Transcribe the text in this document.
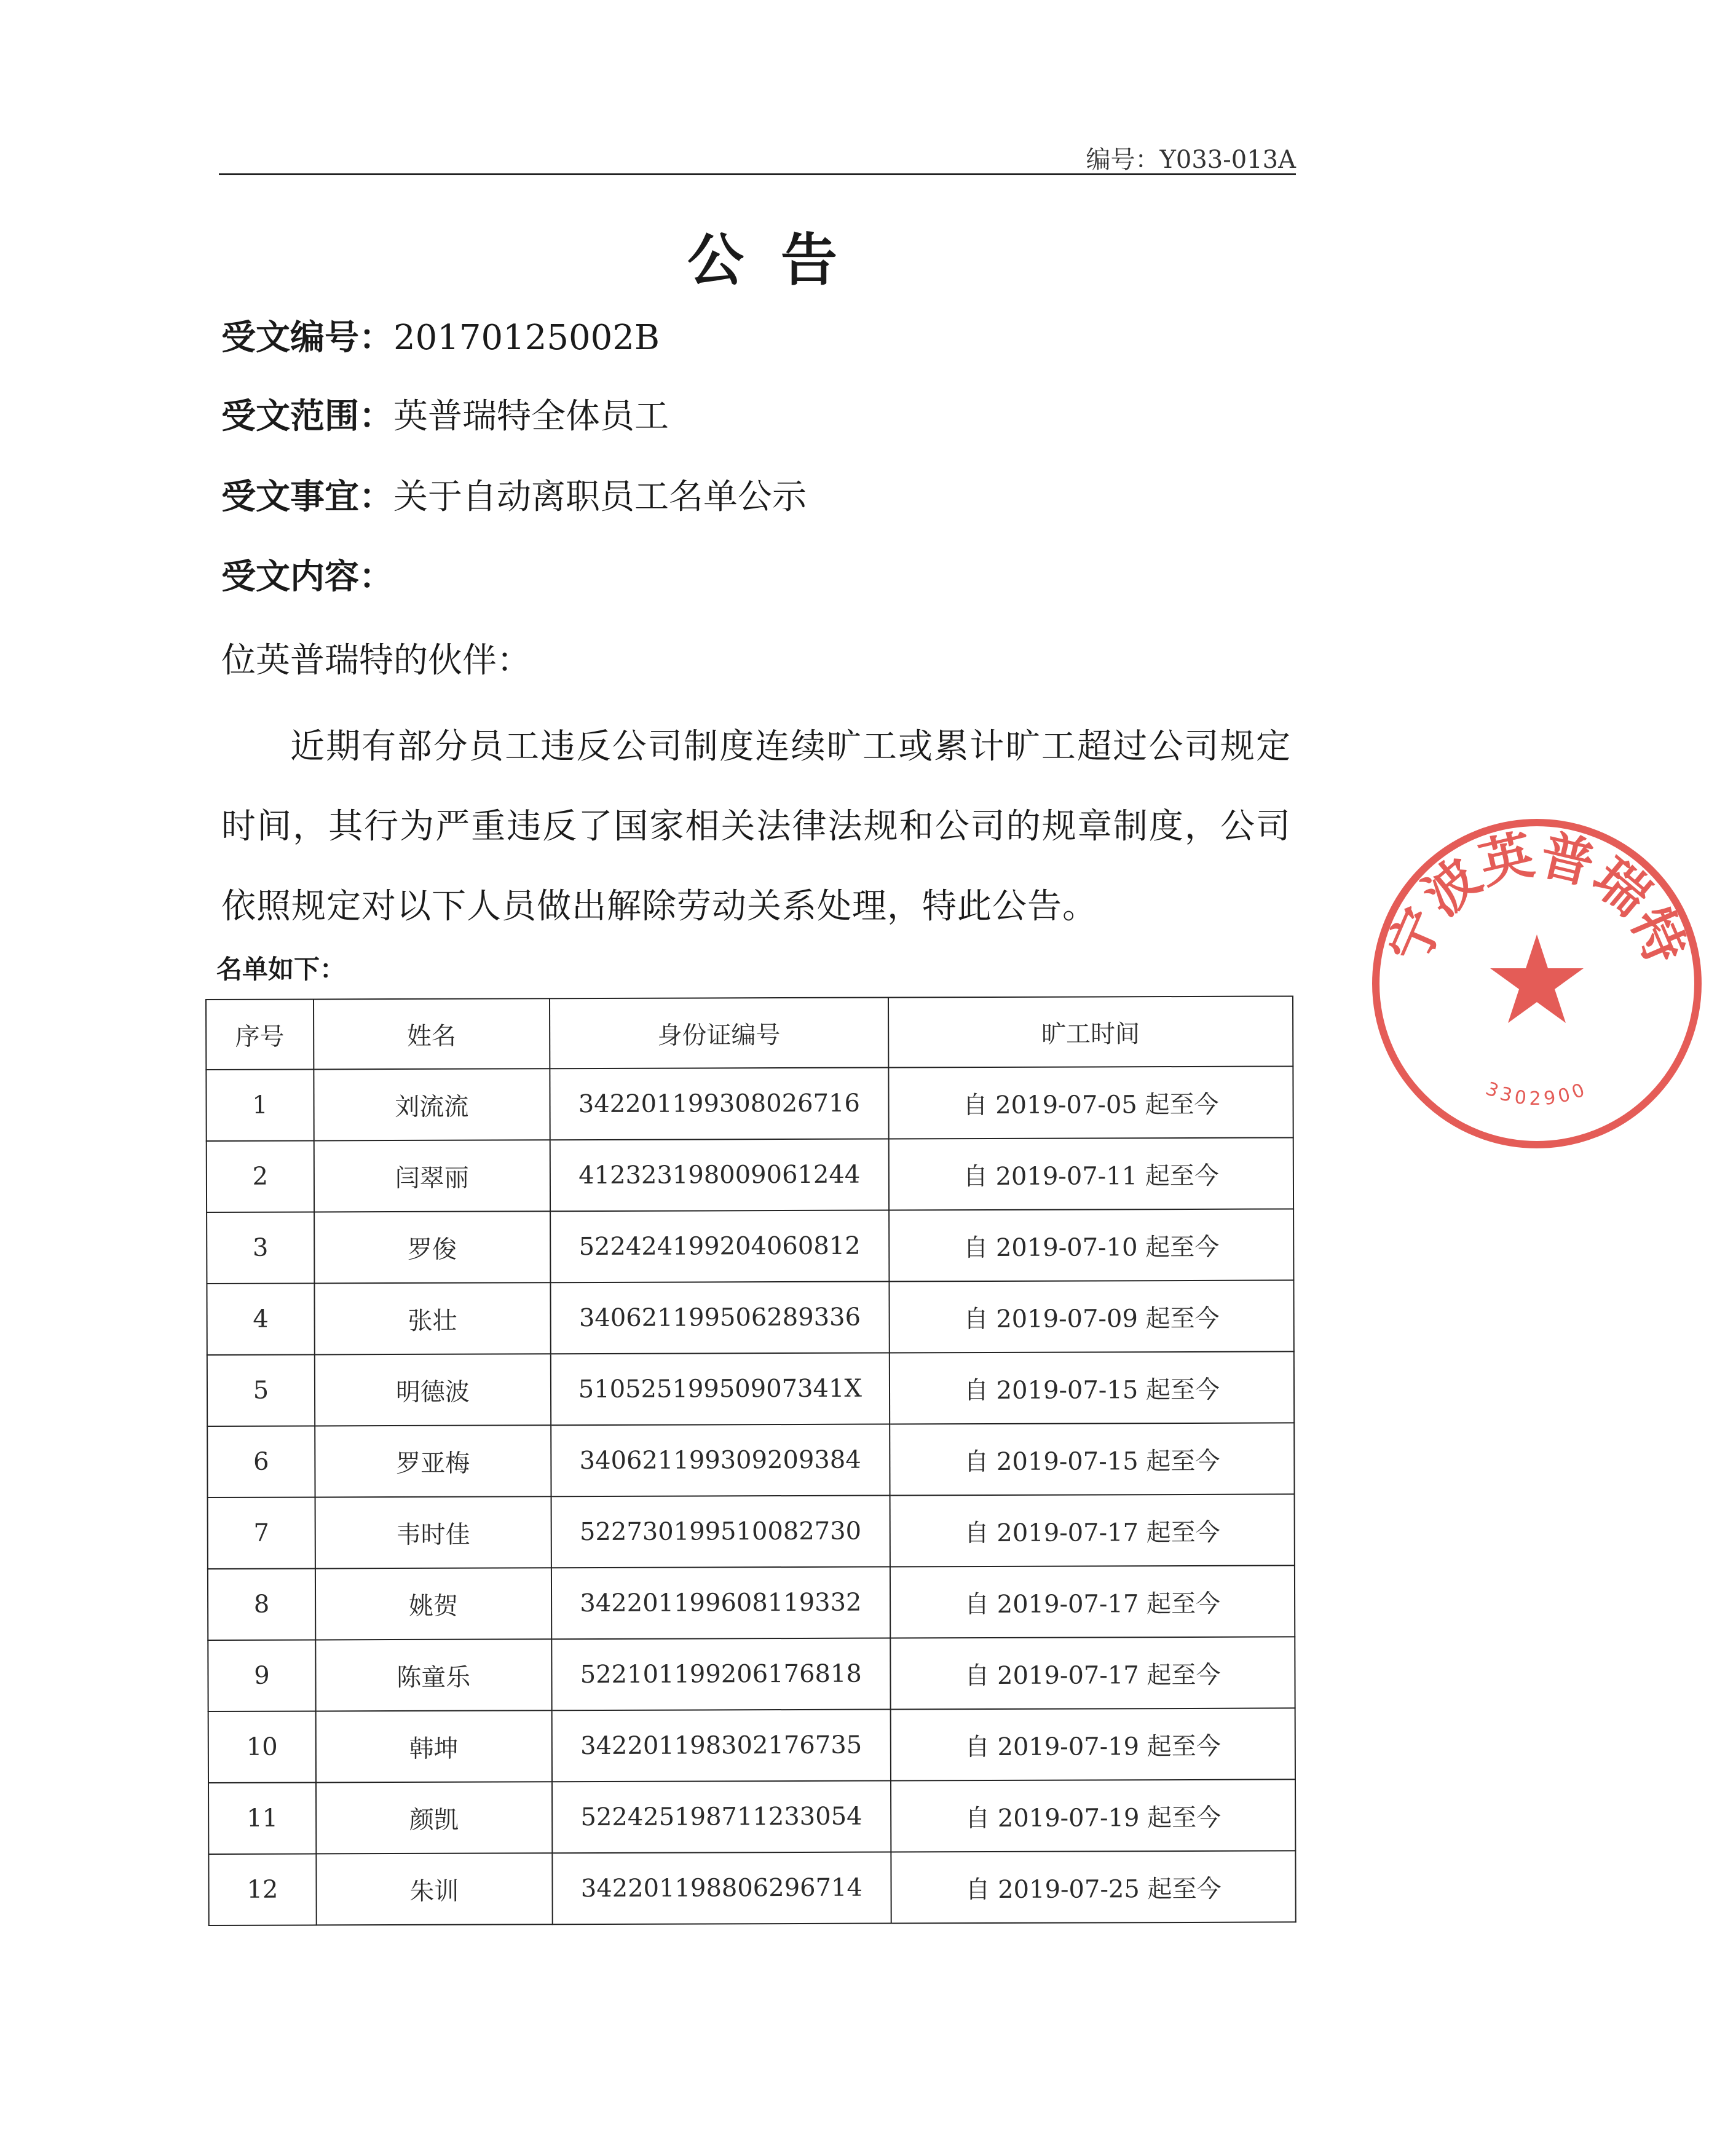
编号：Y033-013A
公告
受文编号：20170125002B
受文范围：英普瑞特全体员工
受文事宜：关于自动离职员工名单公示
受文内容：
位英普瑞特的伙伴：
近期有部分员工违反公司制度连续旷工或累计旷工超过公司规定时间，其行为严重违反了国家相关法律法规和公司的规章制度，公司依照规定对以下人员做出解除劳动关系处理，特此公告。
名单如下：
序号	姓名	身份证编号	旷工时间
1	刘流流	342201199308026716	自 2019-07-05 起至今
2	闫翠丽	412323198009061244	自 2019-07-11 起至今
3	罗俊	522424199204060812	自 2019-07-10 起至今
4	张壮	340621199506289336	自 2019-07-09 起至今
5	明德波	51052519950907341X	自 2019-07-15 起至今
6	罗亚梅	340621199309209384	自 2019-07-15 起至今
7	韦时佳	522730199510082730	自 2019-07-17 起至今
8	姚贺	342201199608119332	自 2019-07-17 起至今
9	陈童乐	522101199206176818	自 2019-07-17 起至今
10	韩坤	342201198302176735	自 2019-07-19 起至今
11	颜凯	522425198711233054	自 2019-07-19 起至今
12	朱训	342201198806296714	自 2019-07-25 起至今
宁波英普瑞特
3302900
